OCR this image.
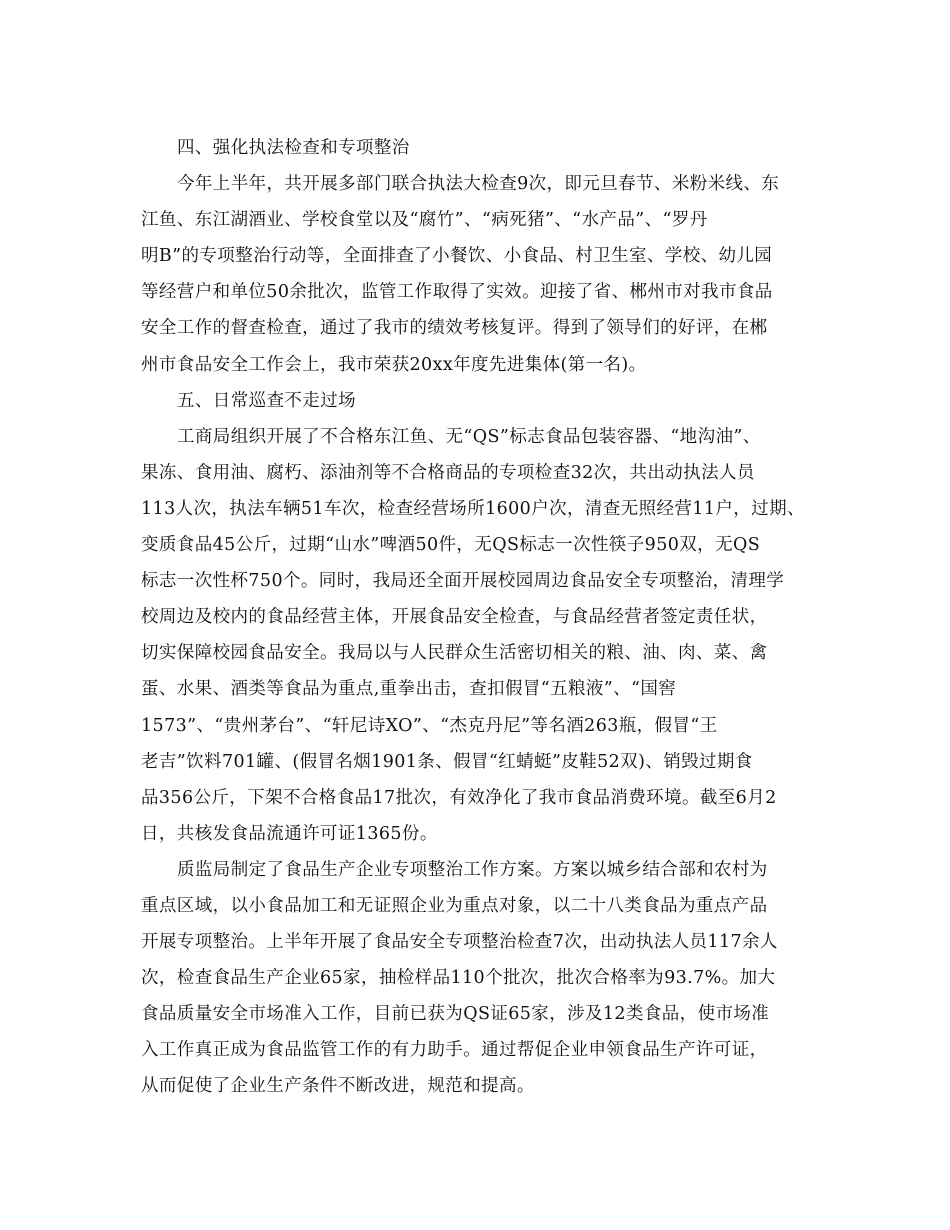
四、强化执法检查和专项整治
今年上半年，共开展多部门联合执法大检查9次，即元旦春节、米粉米线、东
江鱼、东江湖酒业、学校食堂以及“腐竹”、“病死猪”、“水产品”、“罗丹
明B”的专项整治行动等，全面排查了小餐饮、小食品、村卫生室、学校、幼儿园
等经营户和单位50余批次，监管工作取得了实效。迎接了省、郴州市对我市食品
安全工作的督查检查，通过了我市的绩效考核复评。得到了领导们的好评，在郴
州市食品安全工作会上，我市荣获20xx年度先进集体(第一名)。
五、日常巡查不走过场
工商局组织开展了不合格东江鱼、无“QS”标志食品包装容器、“地沟油”、
果冻、食用油、腐朽、添油剂等不合格商品的专项检查32次，共出动执法人员
113人次，执法车辆51车次，检查经营场所1600户次，清查无照经营11户，过期、
变质食品45公斤，过期“山水”啤酒50件，无QS标志一次性筷子950双，无QS
标志一次性杯750个。同时，我局还全面开展校园周边食品安全专项整治，清理学
校周边及校内的食品经营主体，开展食品安全检查，与食品经营者签定责任状，
切实保障校园食品安全。我局以与人民群众生活密切相关的粮、油、肉、菜、禽
蛋、水果、酒类等食品为重点,重拳出击，查扣假冒“五粮液”、“国窖
1573”、“贵州茅台”、“轩尼诗XO”、“杰克丹尼”等名酒263瓶，假冒“王
老吉”饮料701罐、(假冒名烟1901条、假冒“红蜻蜓”皮鞋52双)、销毁过期食
品356公斤，下架不合格食品17批次，有效净化了我市食品消费环境。截至6月2
日，共核发食品流通许可证1365份。
质监局制定了食品生产企业专项整治工作方案。方案以城乡结合部和农村为
重点区域，以小食品加工和无证照企业为重点对象，以二十八类食品为重点产品
开展专项整治。上半年开展了食品安全专项整治检查7次，出动执法人员117余人
次，检查食品生产企业65家，抽检样品110个批次，批次合格率为93.7%。加大
食品质量安全市场准入工作，目前已获为QS证65家，涉及12类食品，使市场准
入工作真正成为食品监管工作的有力助手。通过帮促企业申领食品生产许可证，
从而促使了企业生产条件不断改进，规范和提高。
